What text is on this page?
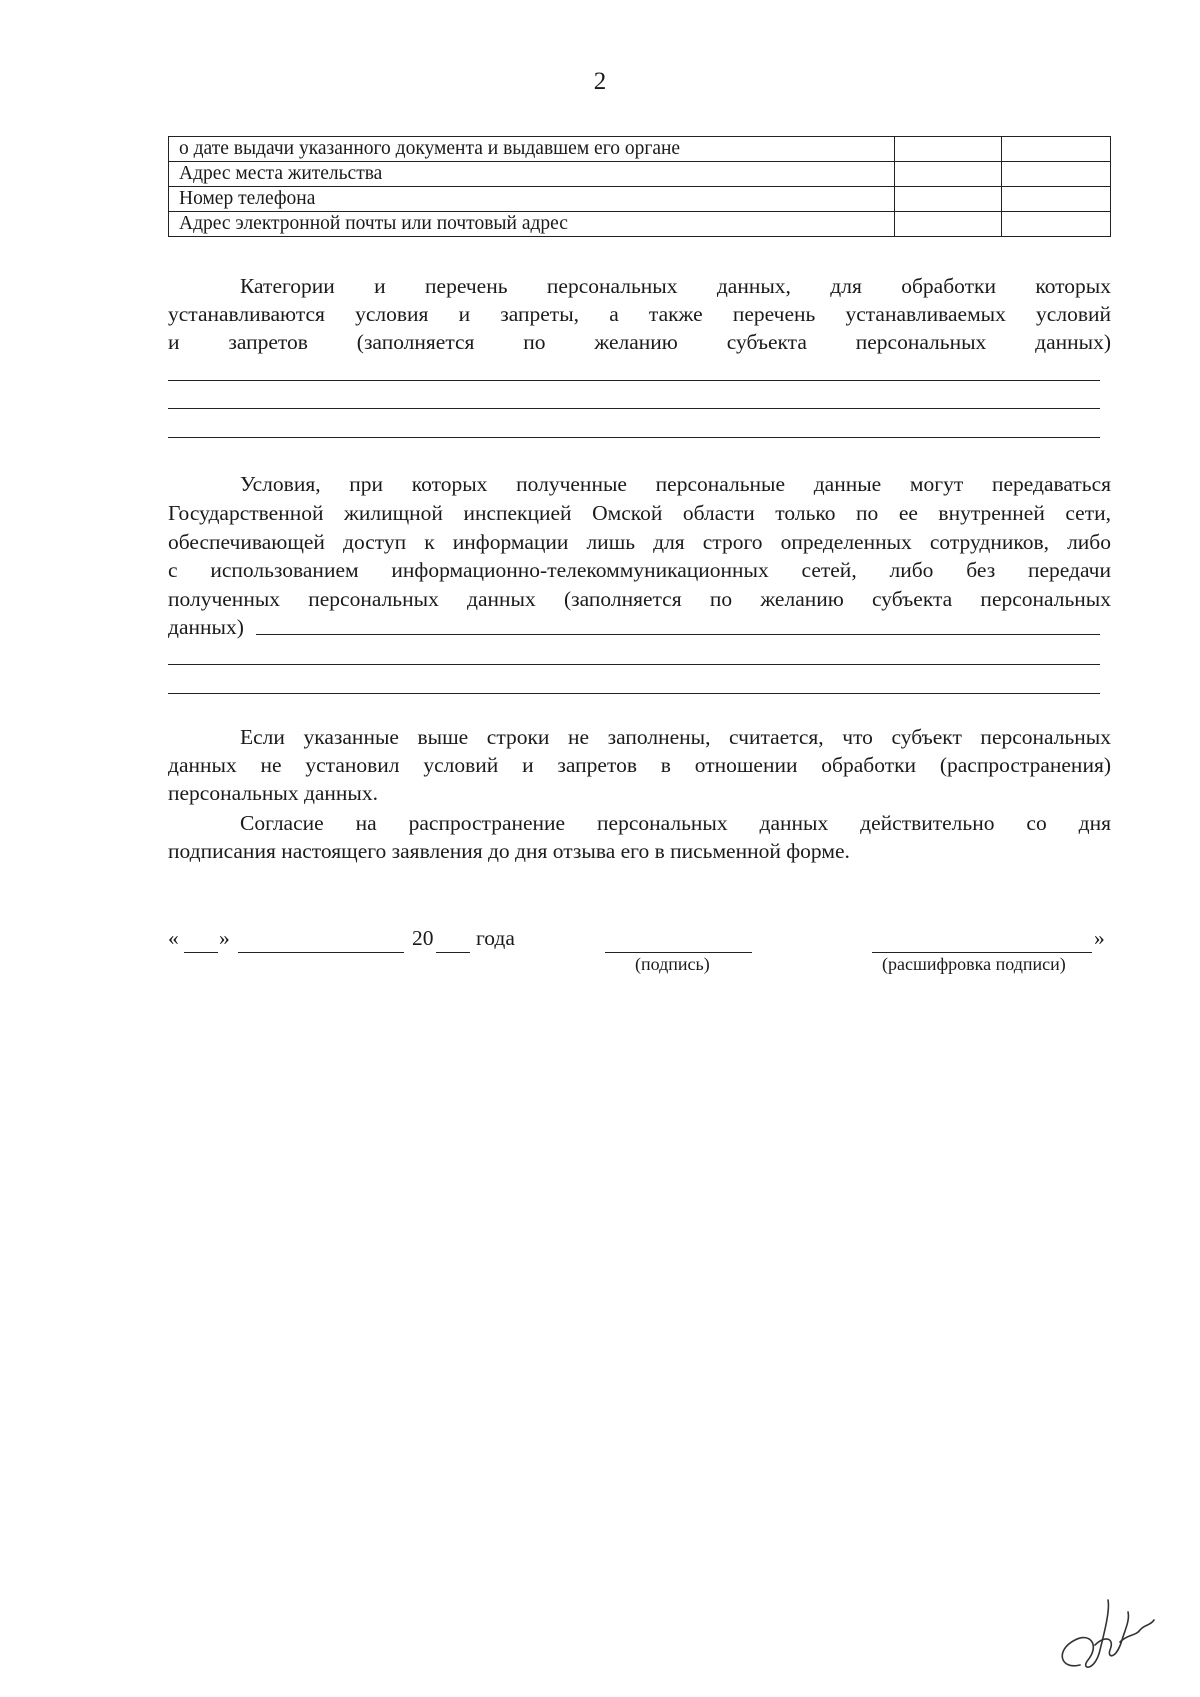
2
о дате выдачи указанного документа и выдавшем его органе		
Адрес места жительства		
Номер телефона		
Адрес электронной почты или почтовый адрес		
Категории и перечень персональных данных, для обработки которых
устанавливаются условия и запреты, а также перечень устанавливаемых условий
и запретов (заполняется по желанию субъекта персональных данных)
Условия, при которых полученные персональные данные могут передаваться
Государственной жилищной инспекцией Омской области только по ее внутренней сети,
обеспечивающей доступ к информации лишь для строго определенных сотрудников, либо
с использованием информационно-телекоммуникационных сетей, либо без передачи
полученных персональных данных (заполняется по желанию субъекта персональных
данных)
Если указанные выше строки не заполнены, считается, что субъект персональных
данных не установил условий и запретов в отношении обработки (распространения)
персональных данных.
Согласие на распространение персональных данных действительно со дня
подписания настоящего заявления до дня отзыва его в письменной форме.
« »	20 года
(подпись)
»
(расшифровка подписи)
